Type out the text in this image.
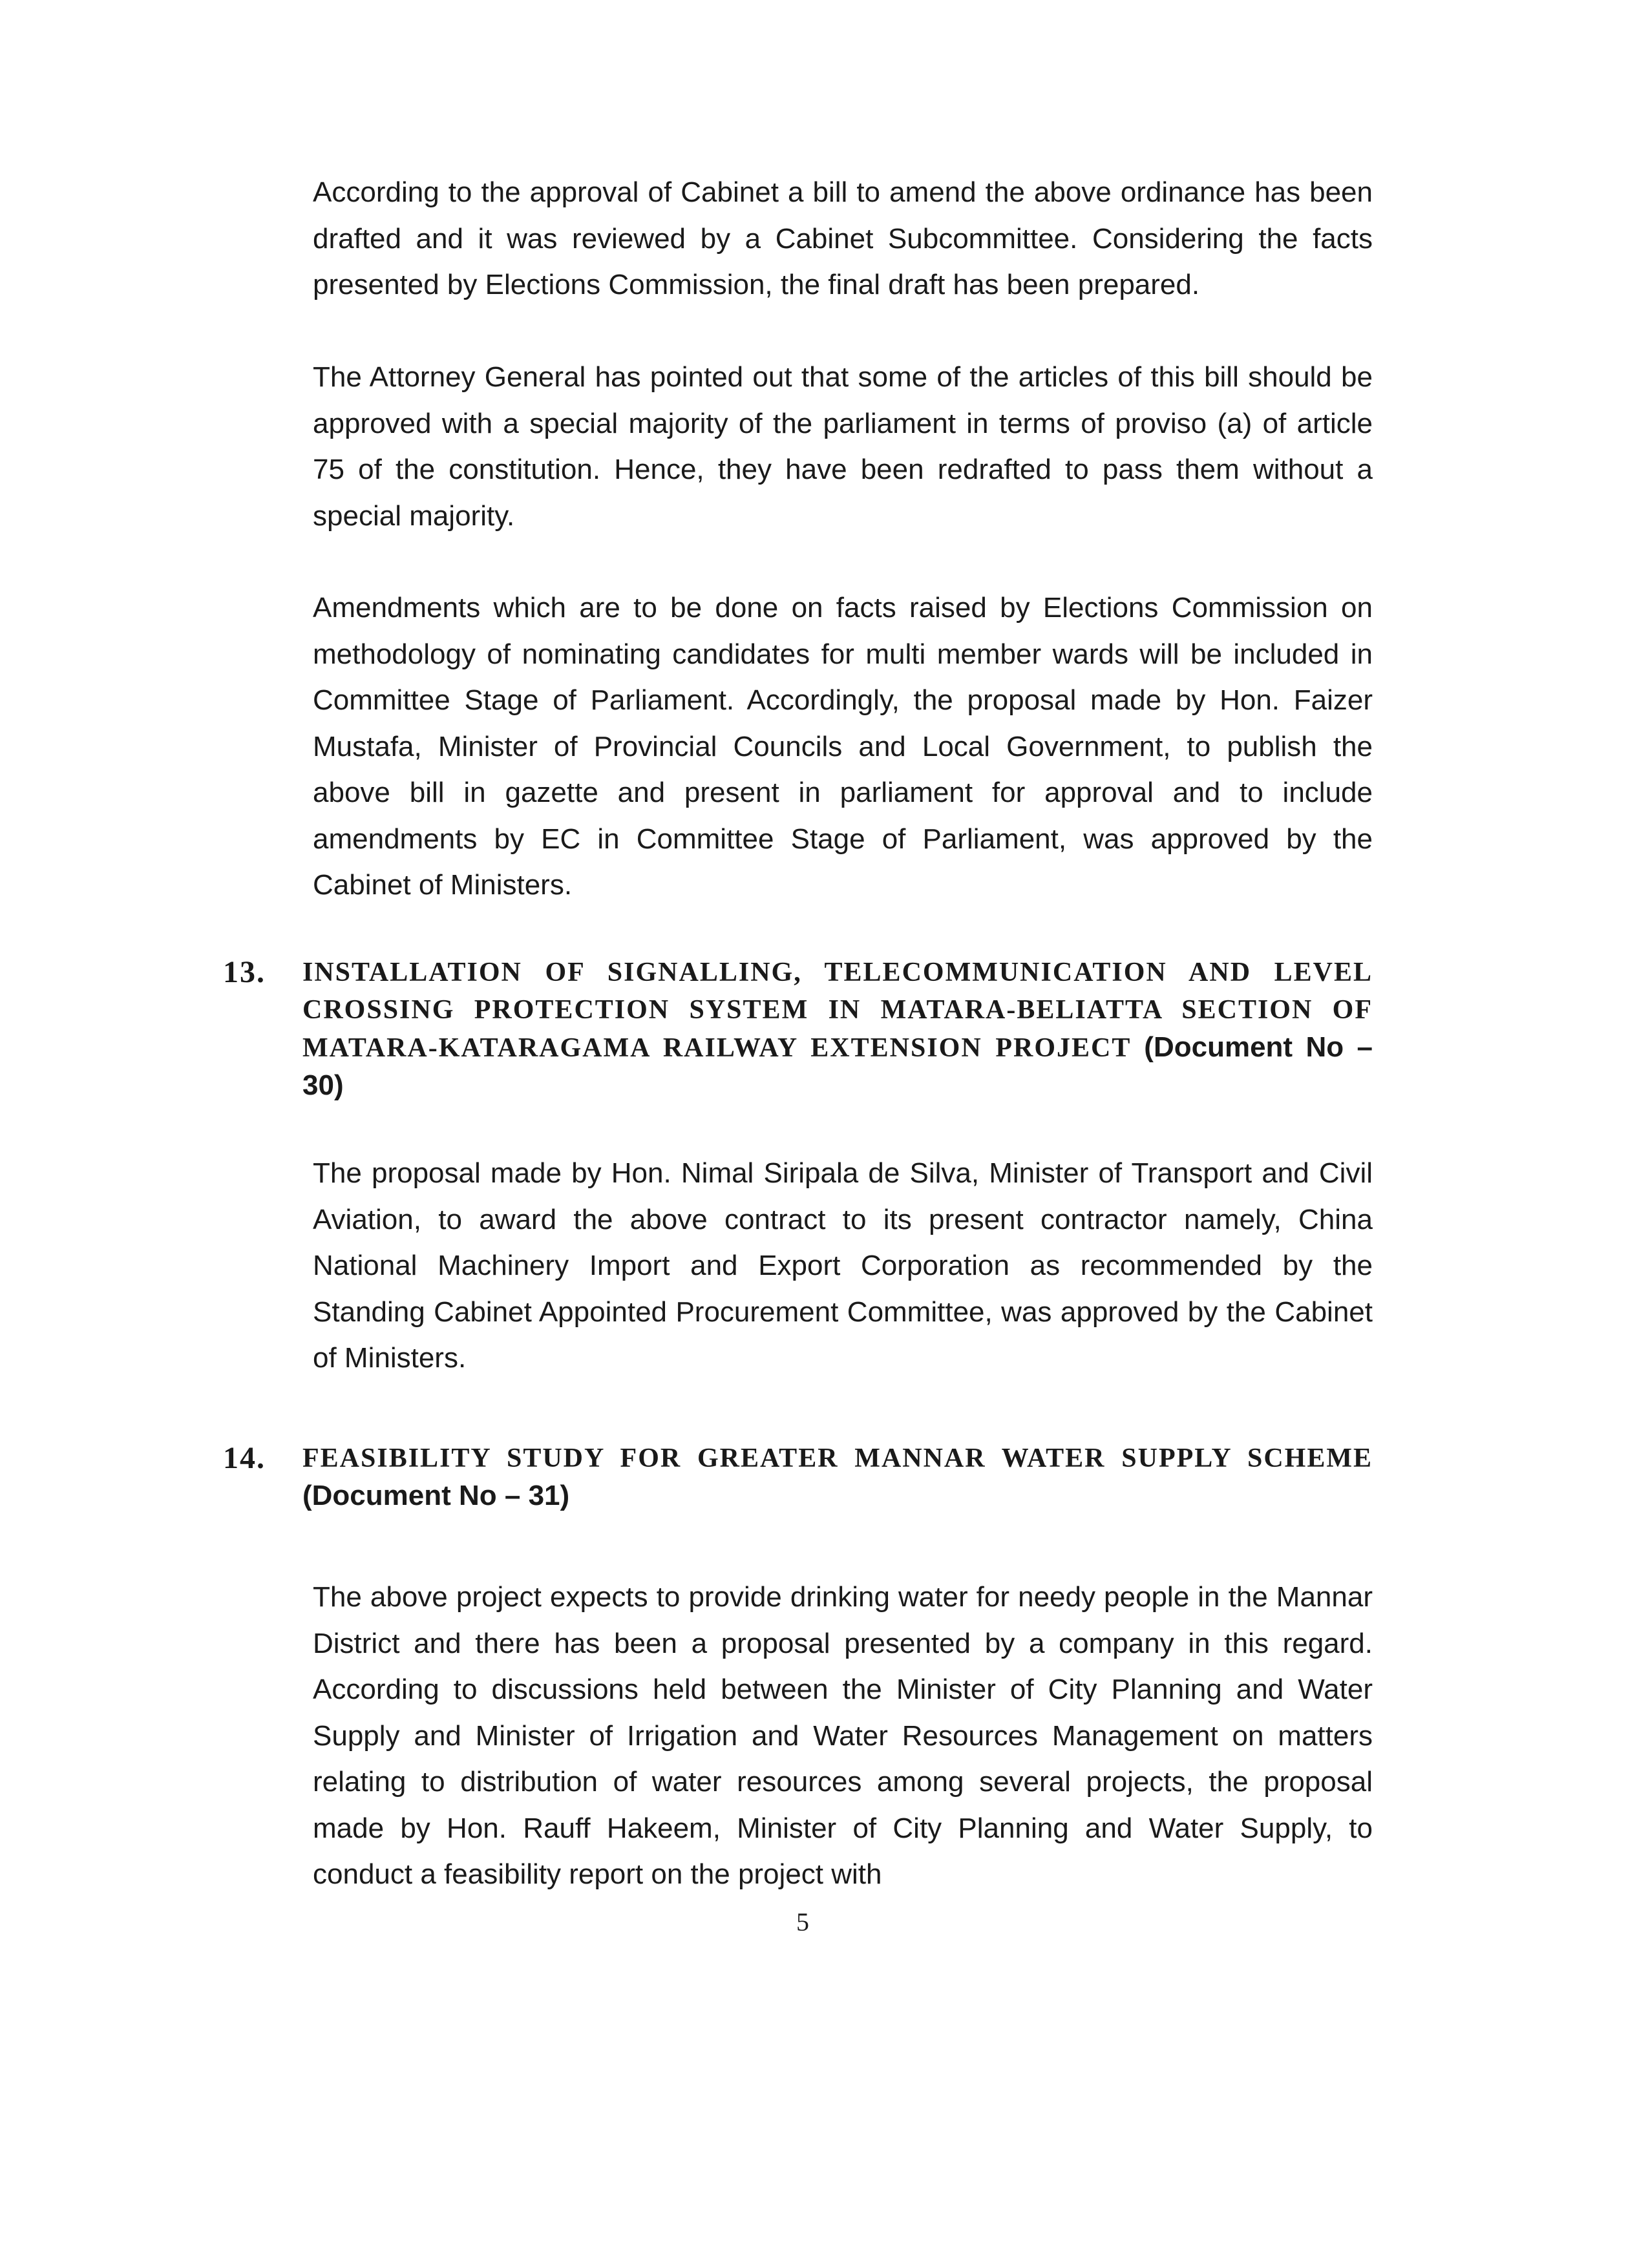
According to the approval of Cabinet a bill to amend the above ordinance has been drafted and it was reviewed by a Cabinet Subcommittee. Considering the facts presented by Elections Commission, the final draft has been prepared.

The Attorney General has pointed out that some of the articles of this bill should be approved with a special majority of the parliament in terms of proviso (a) of article 75 of the constitution. Hence, they have been redrafted to pass them without a special majority.

Amendments which are to be done on facts raised by Elections Commission on methodology of nominating candidates for multi member wards will be included in Committee Stage of Parliament. Accordingly, the proposal made by Hon. Faizer Mustafa, Minister of Provincial Councils and Local Government, to publish the above bill in gazette and present in parliament for approval and to include amendments by EC in Committee Stage of Parliament, was approved by the Cabinet of Ministers.

13. INSTALLATION OF SIGNALLING, TELECOMMUNICATION AND LEVEL CROSSING PROTECTION SYSTEM IN MATARA-BELIATTA SECTION OF MATARA-KATARAGAMA RAILWAY EXTENSION PROJECT (Document No – 30)

The proposal made by Hon. Nimal Siripala de Silva, Minister of Transport and Civil Aviation, to award the above contract to its present contractor namely, China National Machinery Import and Export Corporation as recommended by the Standing Cabinet Appointed Procurement Committee, was approved by the Cabinet of Ministers.

14. FEASIBILITY STUDY FOR GREATER MANNAR WATER SUPPLY SCHEME (Document No – 31)

The above project expects to provide drinking water for needy people in the Mannar District and there has been a proposal presented by a company in this regard. According to discussions held between the Minister of City Planning and Water Supply and Minister of Irrigation and Water Resources Management on matters relating to distribution of water resources among several projects, the proposal made by Hon. Rauff Hakeem, Minister of City Planning and Water Supply, to conduct a feasibility report on the project with

5
